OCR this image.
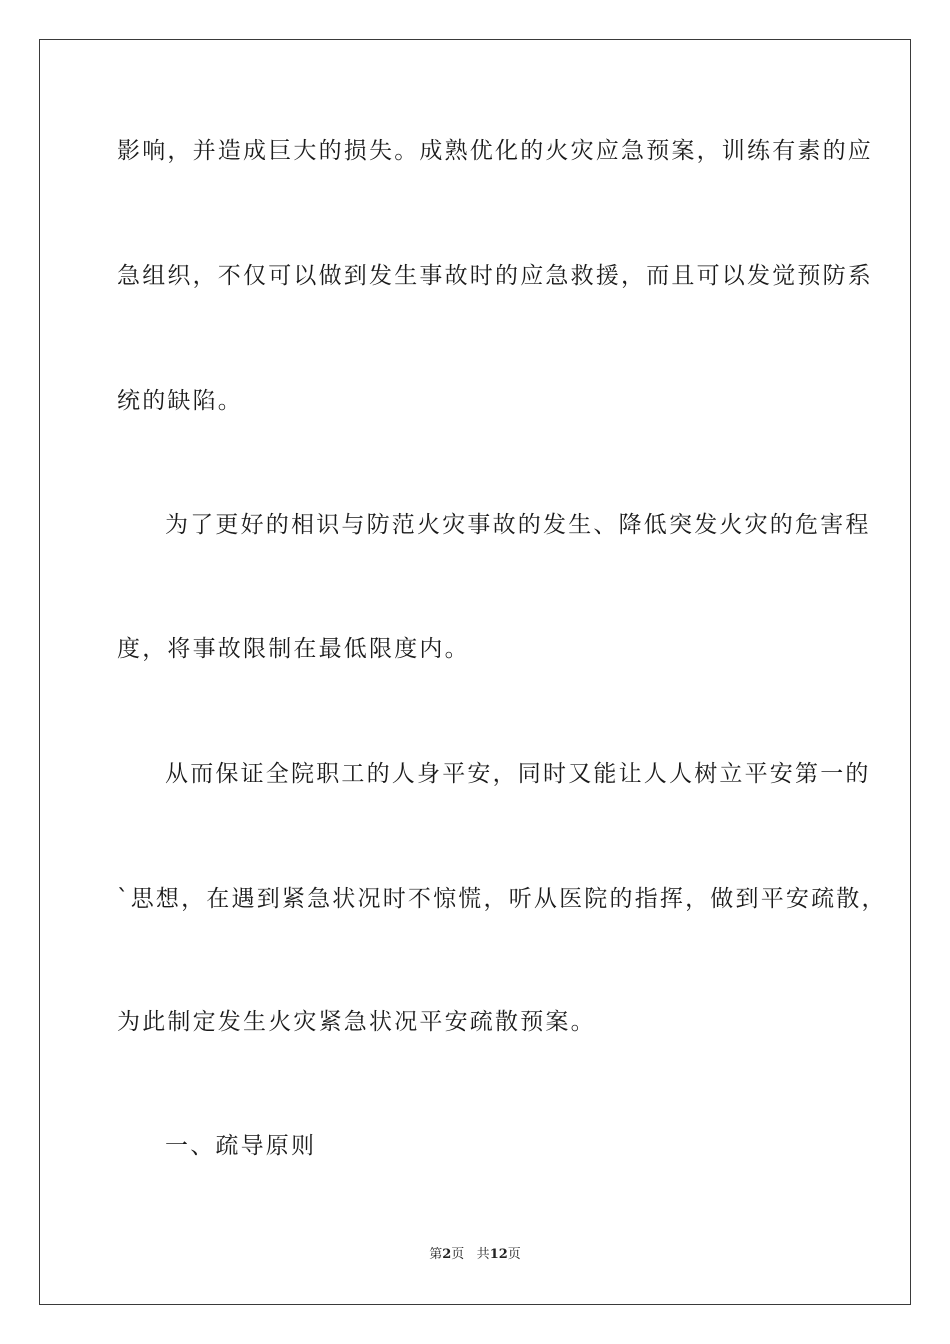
影响，并造成巨大的损失。成熟优化的火灾应急预案，训练有素的应
急组织，不仅可以做到发生事故时的应急救援，而且可以发觉预防系
统的缺陷。
为了更好的相识与防范火灾事故的发生、降低突发火灾的危害程
度，将事故限制在最低限度内。
从而保证全院职工的人身平安，同时又能让人人树立平安第一的
`思想，在遇到紧急状况时不惊慌，听从医院的指挥，做到平安疏散，
为此制定发生火灾紧急状况平安疏散预案。
一、疏导原则
第2页 共12页
